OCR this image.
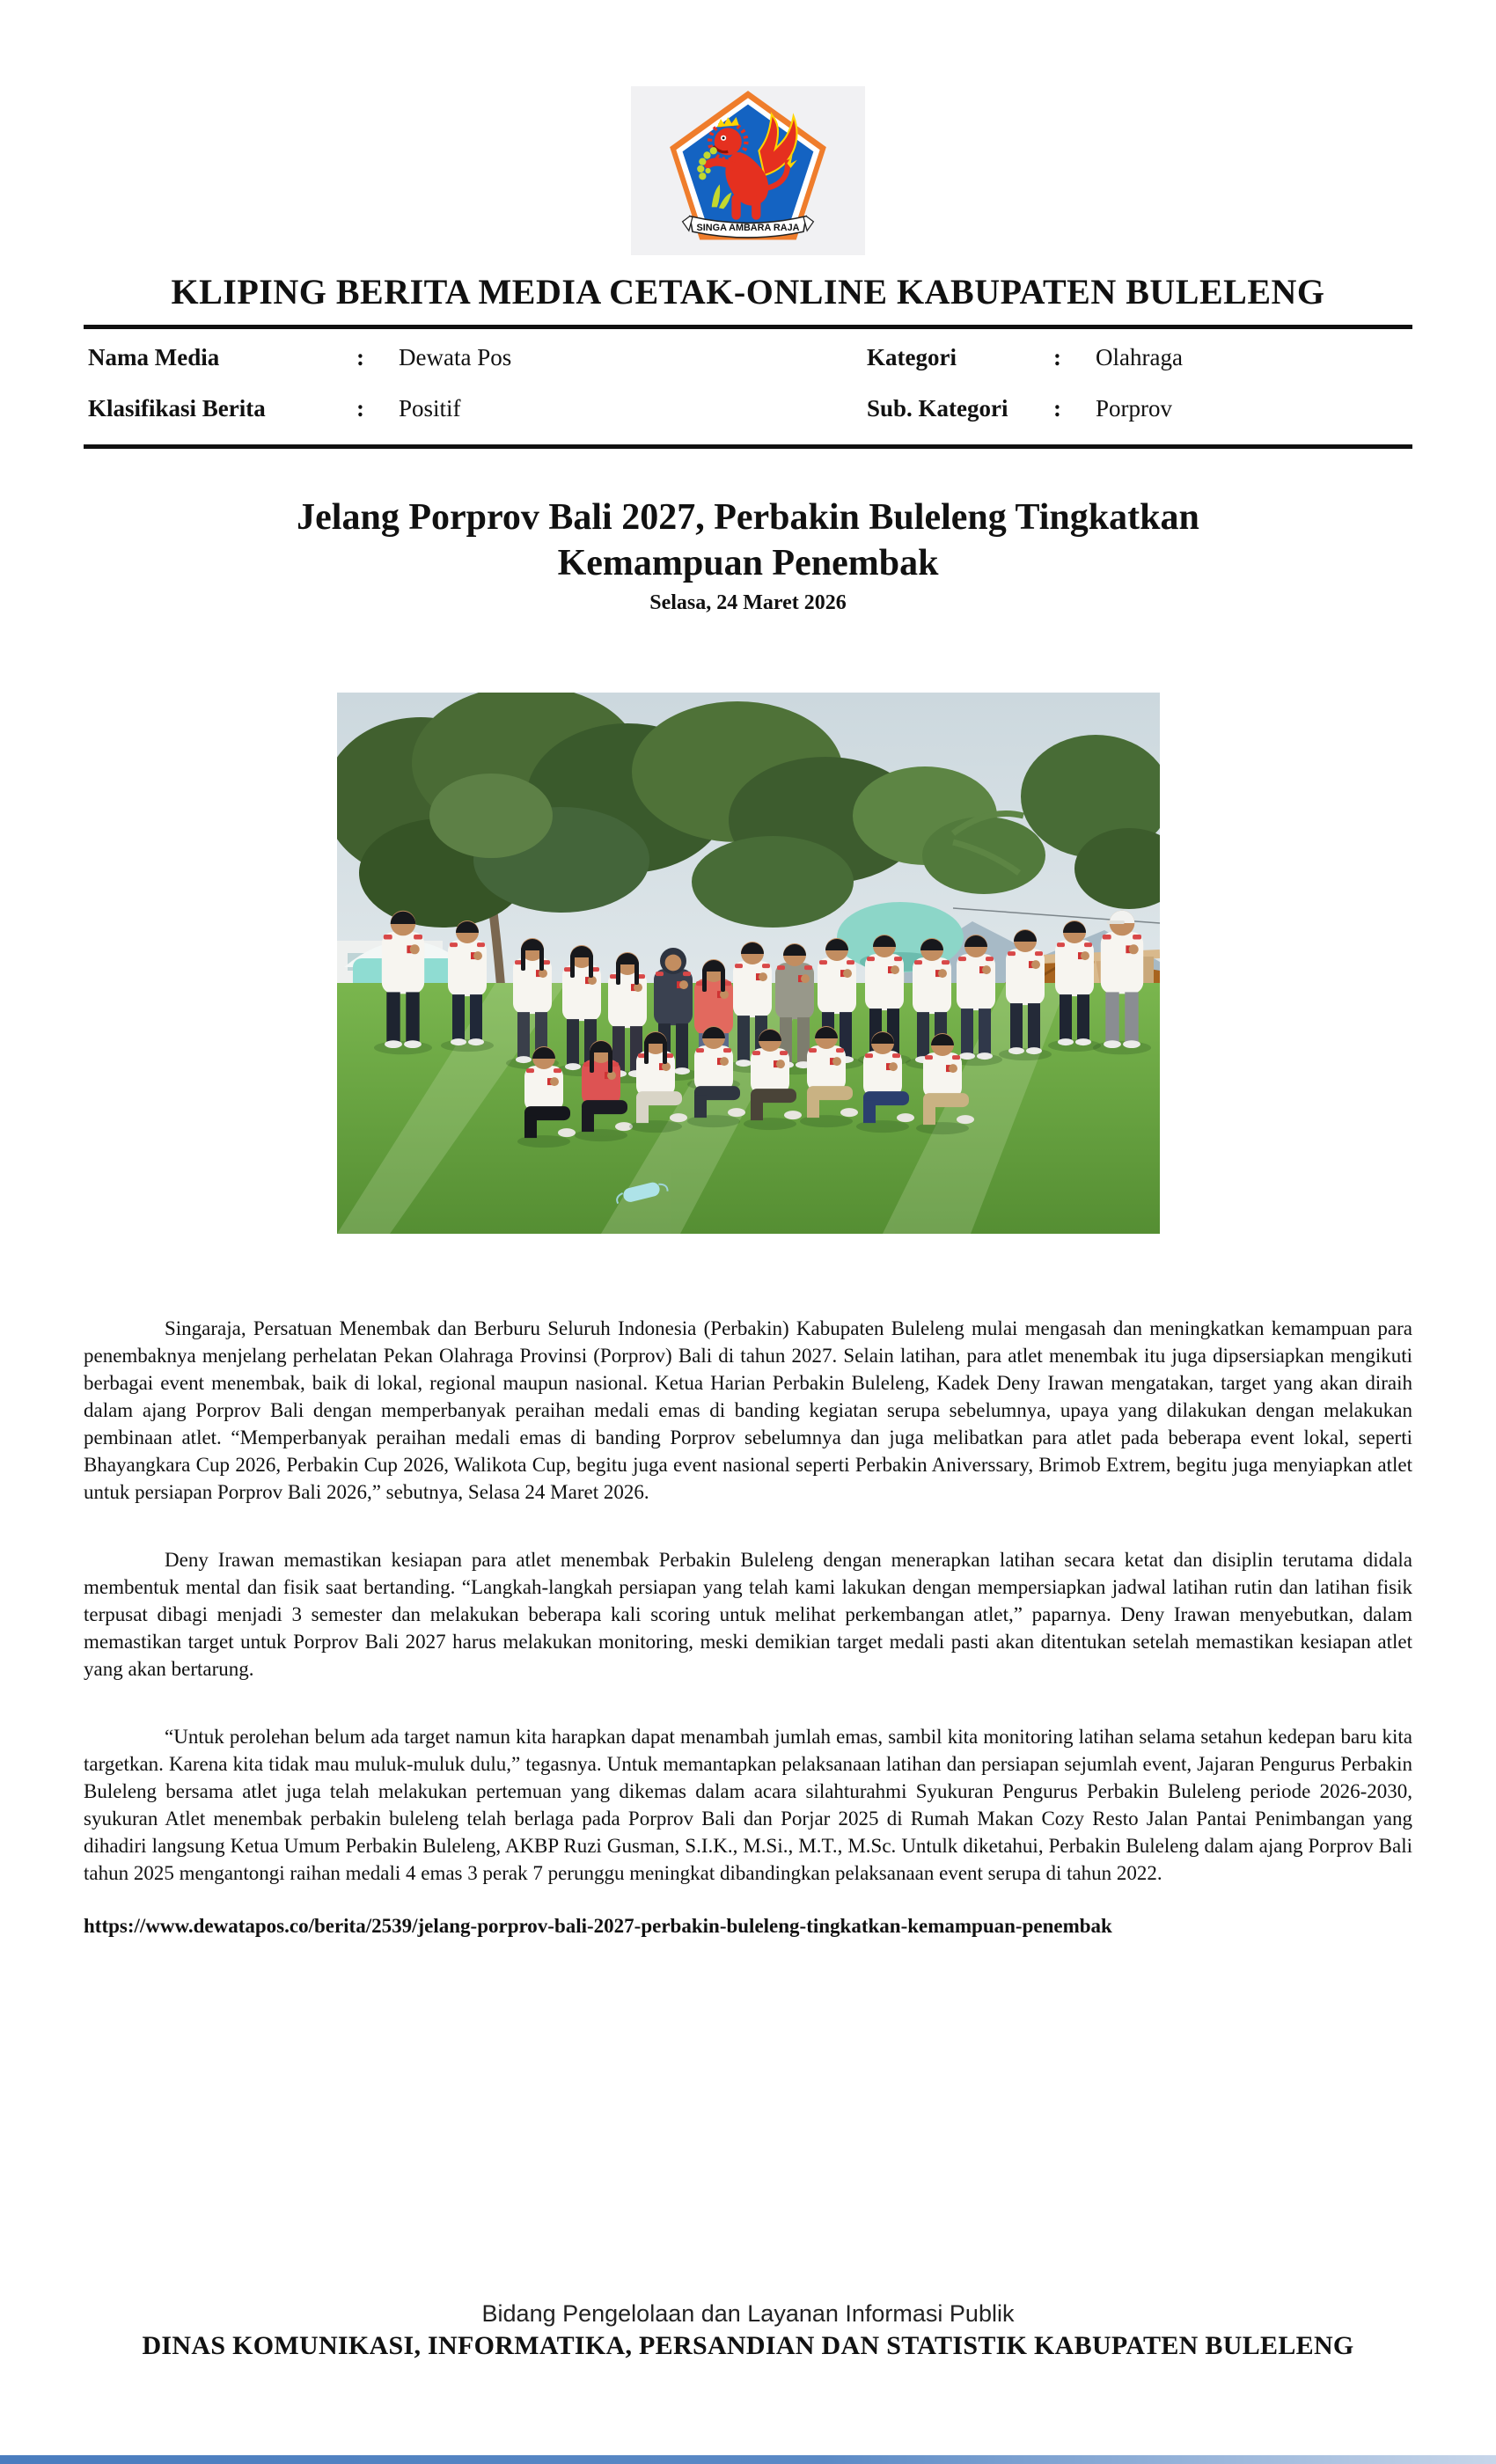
SINGA AMBARA RAJA
KLIPING BERITA MEDIA CETAK-ONLINE KABUPATEN BULELENG
Nama Media	:	Dewata Pos	Kategori	:	Olahraga
Klasifikasi Berita	:	Positif	Sub. Kategori	:	Porprov
Jelang Porprov Bali 2027, Perbakin Buleleng Tingkatkan
Kemampuan Penembak
Selasa, 24 Maret 2026

Singaraja, Persatuan Menembak dan Berburu Seluruh Indonesia (Perbakin) Kabupaten Buleleng mulai mengasah dan meningkatkan kemampuan para penembaknya menjelang perhelatan Pekan Olahraga Provinsi (Porprov) Bali di tahun 2027. Selain latihan, para atlet menembak itu juga dipsersiapkan mengikuti berbagai event menembak, baik di lokal, regional maupun nasional. Ketua Harian Perbakin Buleleng, Kadek Deny Irawan mengatakan, target yang akan diraih dalam ajang Porprov Bali dengan memperbanyak peraihan medali emas di banding kegiatan serupa sebelumnya, upaya yang dilakukan dengan melakukan pembinaan atlet. “Memperbanyak peraihan medali emas di banding Porprov sebelumnya dan juga melibatkan para atlet pada beberapa event lokal, seperti Bhayangkara Cup 2026, Perbakin Cup 2026, Walikota Cup, begitu juga event nasional seperti Perbakin Aniverssary, Brimob Extrem, begitu juga menyiapkan atlet untuk persiapan Porprov Bali 2026,” sebutnya, Selasa 24 Maret 2026.

Deny Irawan memastikan kesiapan para atlet menembak Perbakin Buleleng dengan menerapkan latihan secara ketat dan disiplin terutama didala membentuk mental dan fisik saat bertanding. “Langkah-langkah persiapan yang telah kami lakukan dengan mempersiapkan jadwal latihan rutin dan latihan fisik terpusat dibagi menjadi 3 semester dan melakukan beberapa kali scoring untuk melihat perkembangan atlet,” paparnya. Deny Irawan menyebutkan, dalam memastikan target untuk Porprov Bali 2027 harus melakukan monitoring, meski demikian target medali pasti akan ditentukan setelah memastikan kesiapan atlet yang akan bertarung.

“Untuk perolehan belum ada target namun kita harapkan dapat menambah jumlah emas, sambil kita monitoring latihan selama setahun kedepan baru kita targetkan. Karena kita tidak mau muluk-muluk dulu,” tegasnya. Untuk memantapkan pelaksanaan latihan dan persiapan sejumlah event, Jajaran Pengurus Perbakin Buleleng bersama atlet juga telah melakukan pertemuan yang dikemas dalam acara silahturahmi Syukuran Pengurus Perbakin Buleleng periode 2026-2030, syukuran Atlet menembak perbakin buleleng telah berlaga pada Porprov Bali dan Porjar 2025 di Rumah Makan Cozy Resto Jalan Pantai Penimbangan yang dihadiri langsung Ketua Umum Perbakin Buleleng, AKBP Ruzi Gusman, S.I.K., M.Si., M.T., M.Sc. Untulk diketahui, Perbakin Buleleng dalam ajang Porprov Bali tahun 2025 mengantongi raihan medali 4 emas 3 perak 7 perunggu meningkat dibandingkan pelaksanaan event serupa di tahun 2022.

https://www.dewatapos.co/berita/2539/jelang-porprov-bali-2027-perbakin-buleleng-tingkatkan-kemampuan-penembak
Bidang Pengelolaan dan Layanan Informasi Publik
DINAS KOMUNIKASI, INFORMATIKA, PERSANDIAN DAN STATISTIK KABUPATEN BULELENG
